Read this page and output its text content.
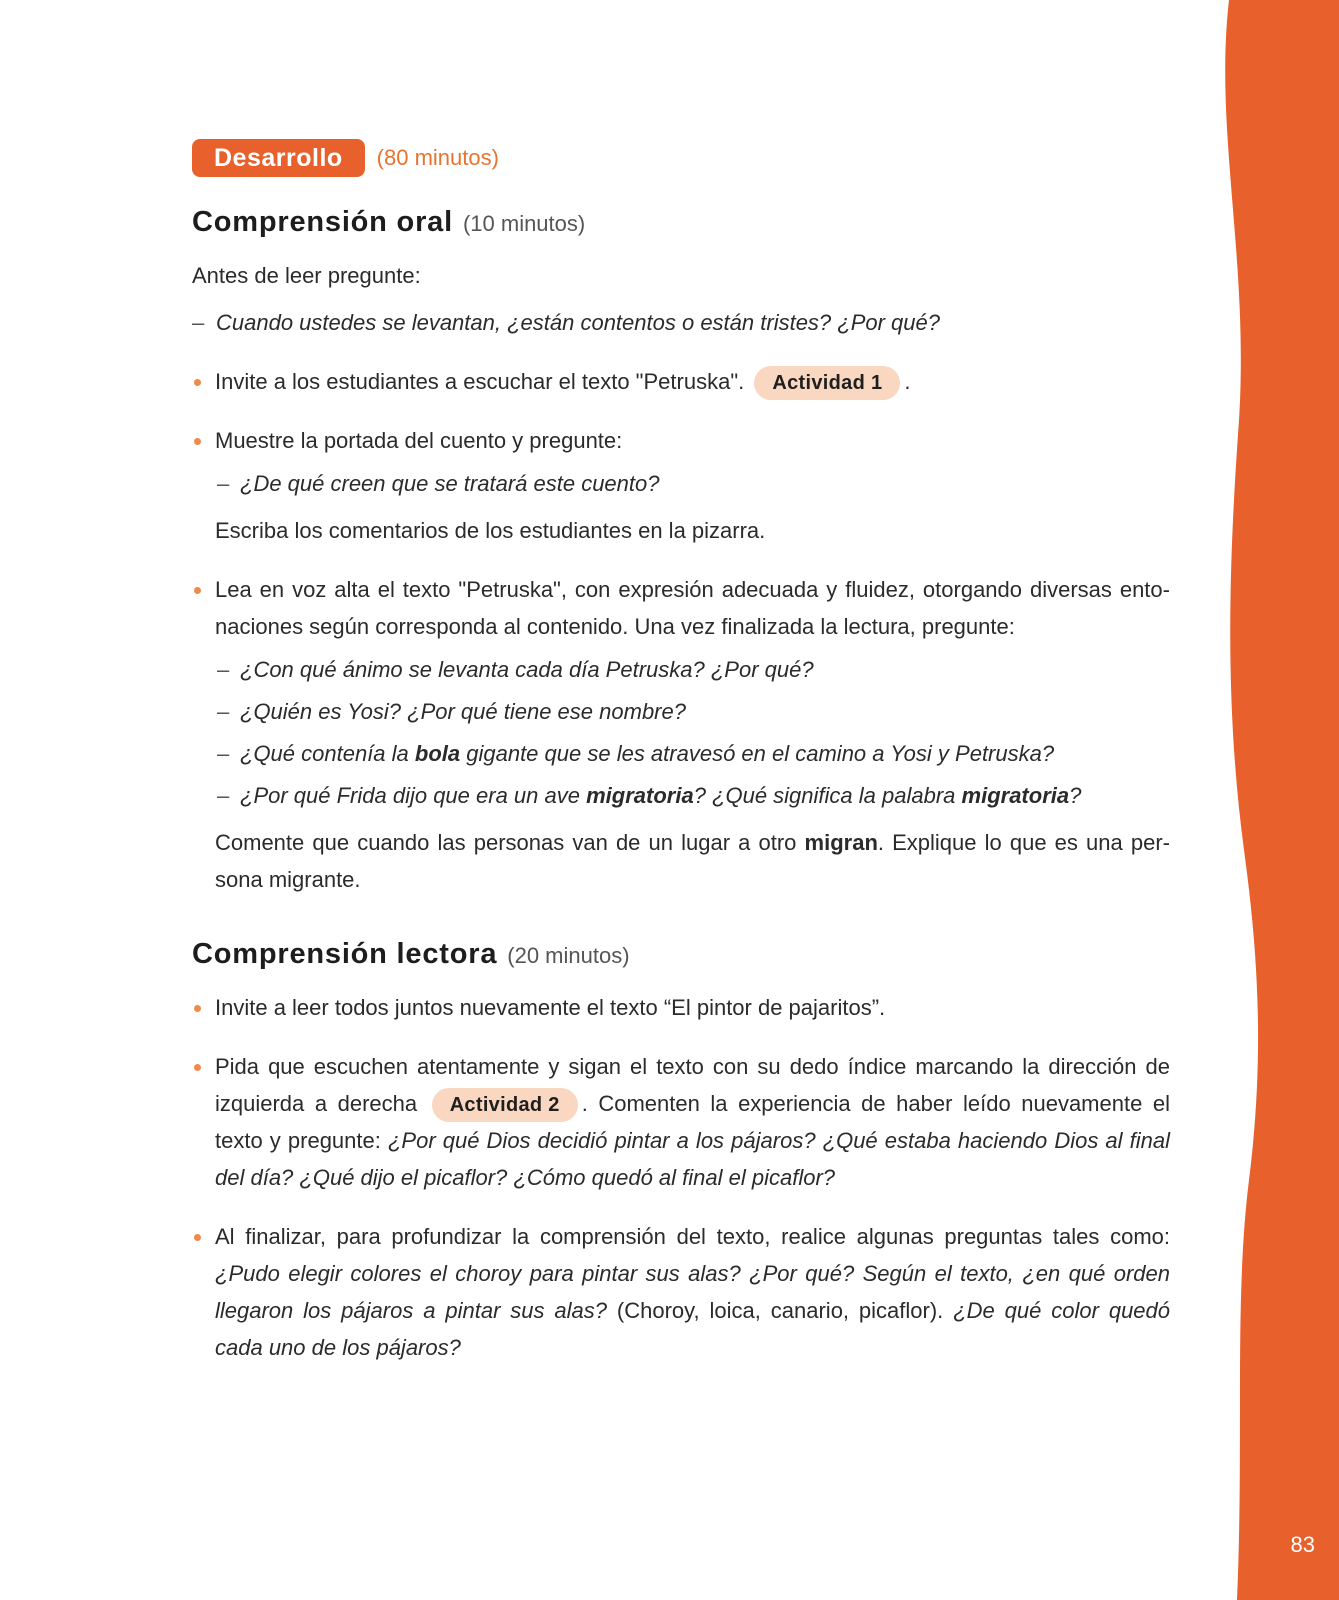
83
Desarrollo	(80 minutos)
Comprensión oral (10 minutos)

Antes de leer pregunte:

– Cuando ustedes se levantan, ¿están contentos o están tristes? ¿Por qué?

Invite a los estudiantes a escuchar el texto "Petruska". Actividad 1 .
Muestre la portada del cuento y pregunte:
– ¿De qué creen que se tratará este cuento?
Escriba los comentarios de los estudiantes en la pizarra.
Lea en voz alta el texto "Petruska", con expresión adecuada y fluidez, otorgando diversas ento-naciones según corresponda al contenido. Una vez finalizada la lectura, pregunte:
– ¿Con qué ánimo se levanta cada día Petruska? ¿Por qué?
– ¿Quién es Yosi? ¿Por qué tiene ese nombre?
– ¿Qué contenía la bola gigante que se les atravesó en el camino a Yosi y Petruska?
– ¿Por qué Frida dijo que era un ave migratoria? ¿Qué significa la palabra migratoria?
Comente que cuando las personas van de un lugar a otro migran. Explique lo que es una per-sona migrante.
Comprensión lectora (20 minutos)
Invite a leer todos juntos nuevamente el texto “El pintor de pajaritos”.
Pida que escuchen atentamente y sigan el texto con su dedo índice marcando la dirección de izquierda a derecha Actividad 2 . Comenten la experiencia de haber leído nuevamente el texto y pregunte: ¿Por qué Dios decidió pintar a los pájaros? ¿Qué estaba haciendo Dios al final del día? ¿Qué dijo el picaflor? ¿Cómo quedó al final el picaflor?
Al finalizar, para profundizar la comprensión del texto, realice algunas preguntas tales como: ¿Pudo elegir colores el choroy para pintar sus alas? ¿Por qué? Según el texto, ¿en qué orden llegaron los pájaros a pintar sus alas? (Choroy, loica, canario, picaflor). ¿De qué color quedó cada uno de los pájaros?
